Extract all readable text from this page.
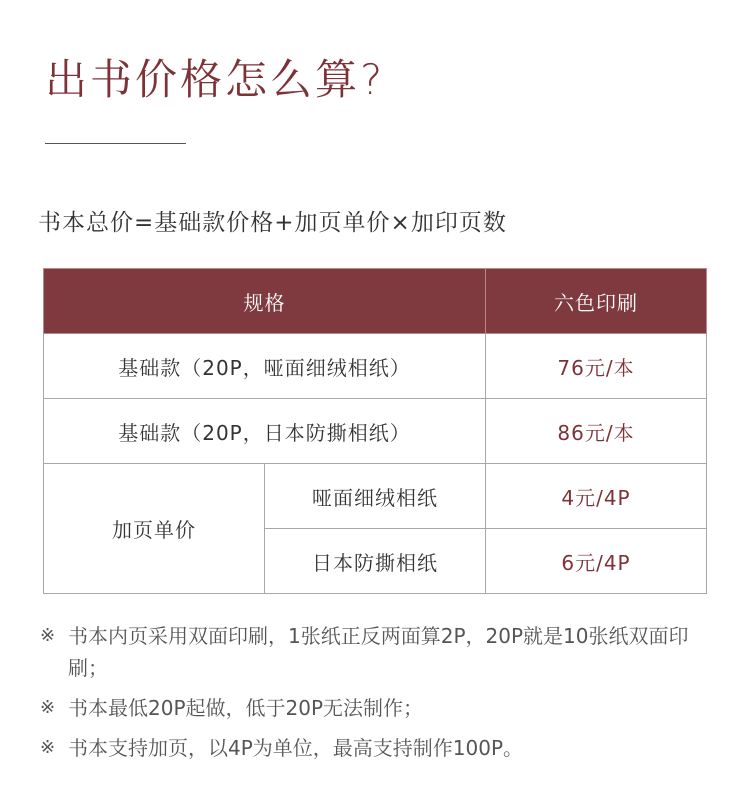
出书价格怎么算?
书本总价=基础款价格+加页单价×加印页数
规格		六色印刷
基础款（20P，哑面细绒相纸）		76元/本
基础款（20P，日本防撕相纸）		86元/本
加页单价	哑面细绒相纸	4元/4P
	日本防撕相纸	6元/4P
※ 书本内页采用双面印刷，1张纸正反两面算2P，20P就是10张纸双面印刷；
※ 书本最低20P起做，低于20P无法制作；
※ 书本支持加页，以4P为单位，最高支持制作100P。
